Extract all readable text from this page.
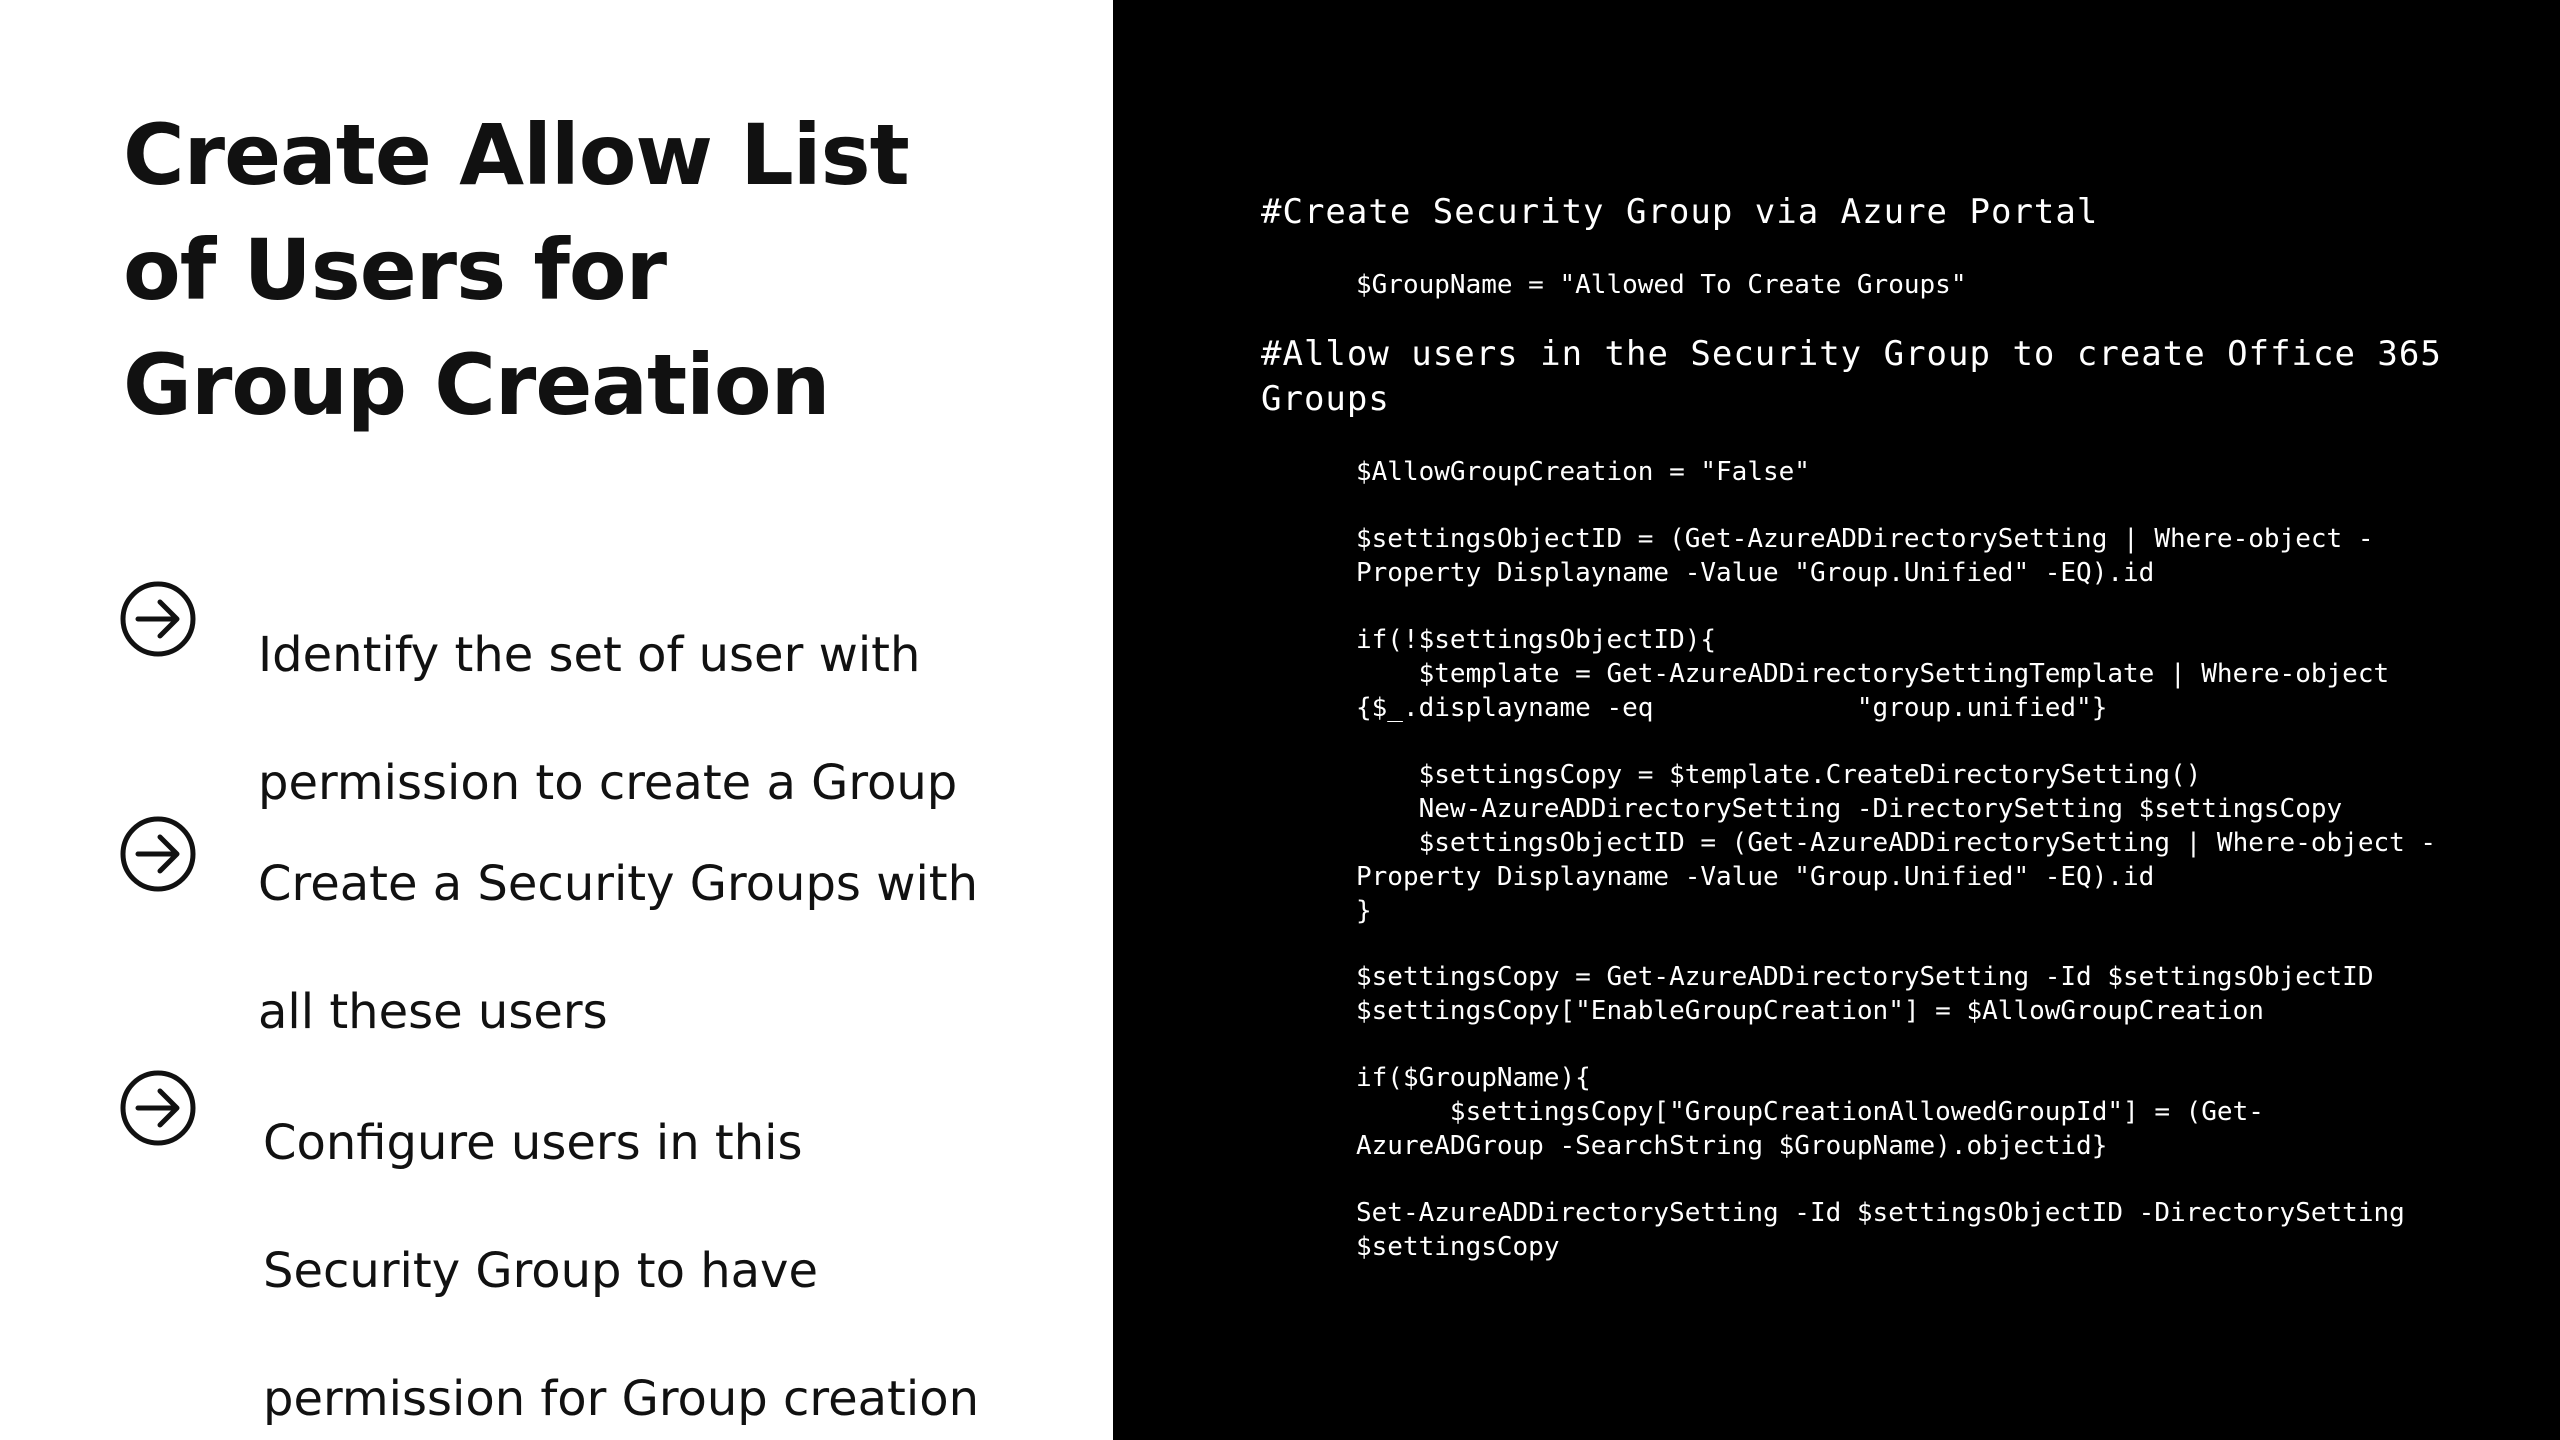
Create Allow List
of Users for
Group Creation

Identify the set of user with

permission to create a Group

Create a Security Groups with

all these users

Configure users in this

Security Group to have

permission for Group creation

#Create Security Group via Azure Portal
$GroupName = "Allowed To Create Groups"
#Allow users in the Security Group to create Office 365
Groups
$AllowGroupCreation = "False"
$settingsObjectID = (Get-AzureADDirectorySetting | Where-object -
Property Displayname -Value "Group.Unified" -EQ).id
if(!$settingsObjectID){
$template = Get-AzureADDirectorySettingTemplate | Where-object
{$_.displayname -eq             "group.unified"}
$settingsCopy = $template.CreateDirectorySetting()
New-AzureADDirectorySetting -DirectorySetting $settingsCopy
$settingsObjectID = (Get-AzureADDirectorySetting | Where-object -
Property Displayname -Value "Group.Unified" -EQ).id
}
$settingsCopy = Get-AzureADDirectorySetting -Id $settingsObjectID
$settingsCopy["EnableGroupCreation"] = $AllowGroupCreation
if($GroupName){
$settingsCopy["GroupCreationAllowedGroupId"] = (Get-
AzureADGroup -SearchString $GroupName).objectid}
Set-AzureADDirectorySetting -Id $settingsObjectID -DirectorySetting
$settingsCopy
